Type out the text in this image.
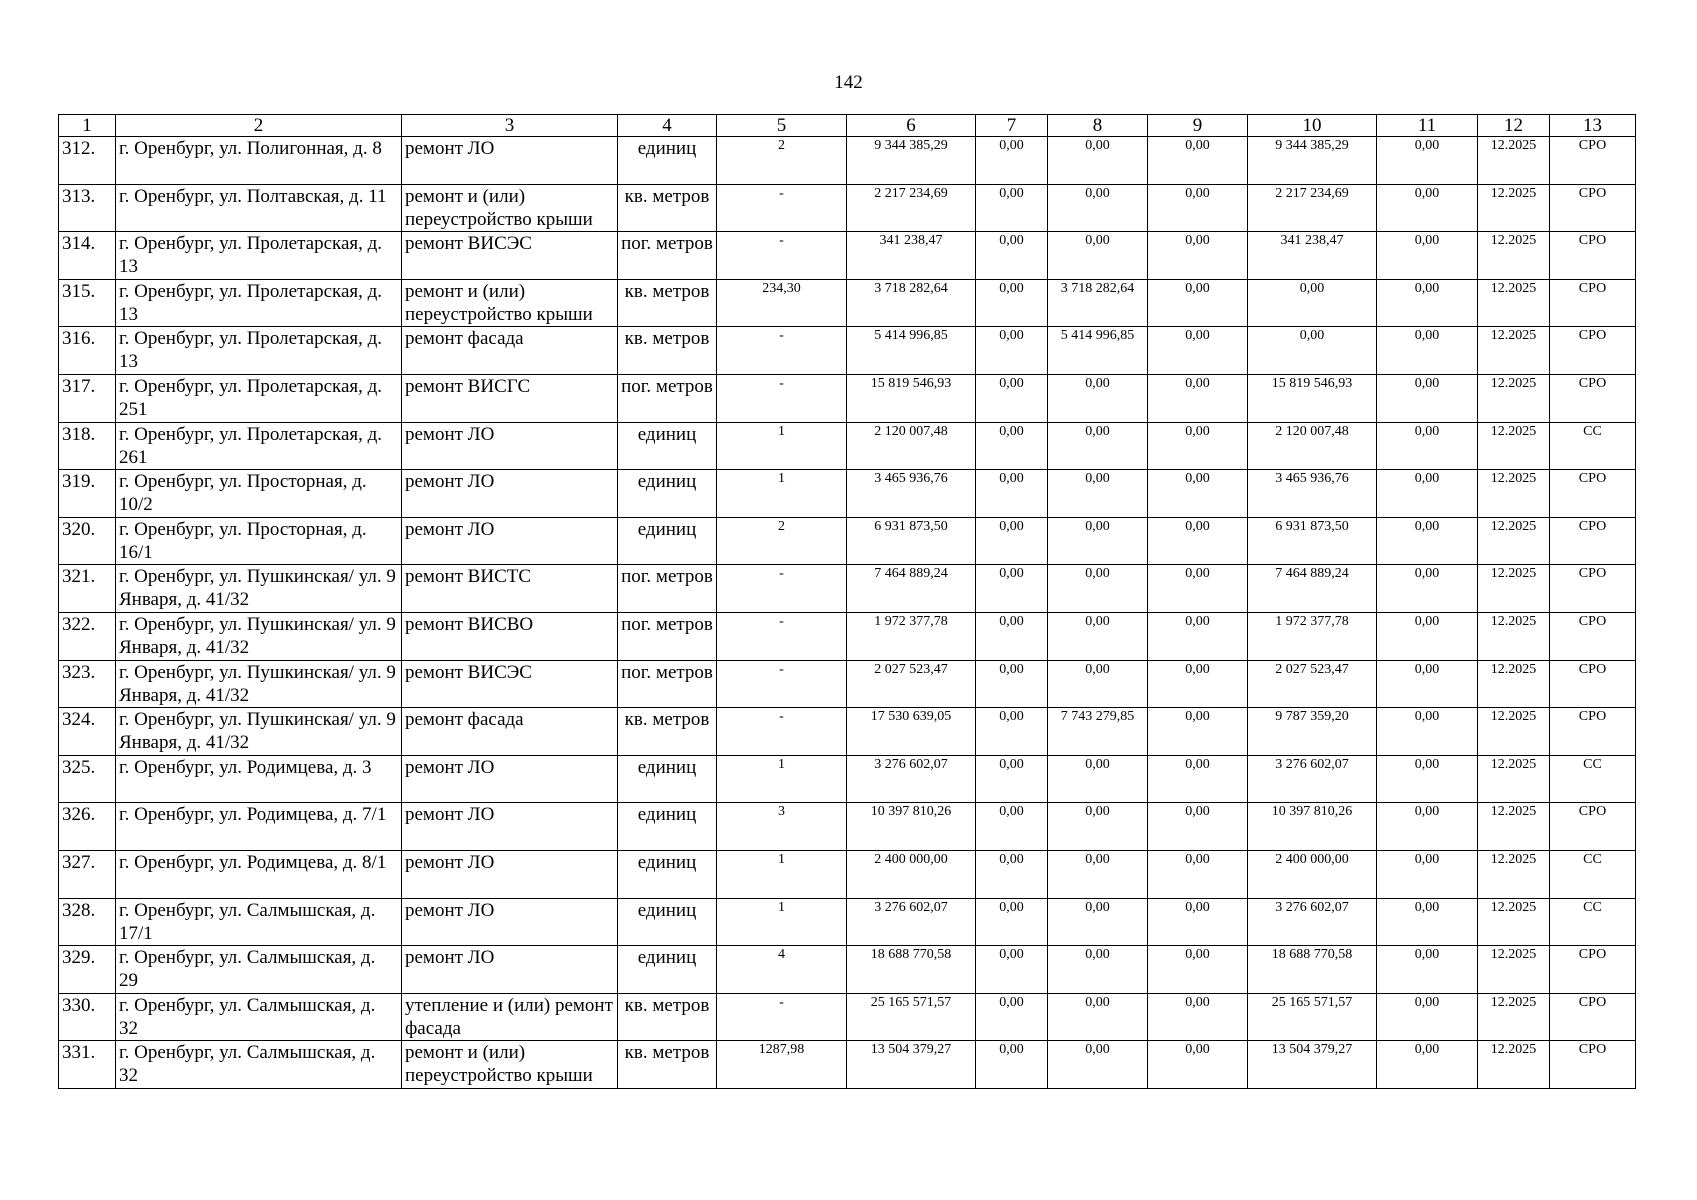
142
1	2	3	4	5	6	7	8	9	10	11	12	13
312.	г. Оренбург, ул. Полигонная, д. 8	ремонт ЛО	единиц	2	9 344 385,29	0,00	0,00	0,00	9 344 385,29	0,00	12.2025	СРО
313.	г. Оренбург, ул. Полтавская, д. 11	ремонт и (или) переустройство крыши	кв. метров	-	2 217 234,69	0,00	0,00	0,00	2 217 234,69	0,00	12.2025	СРО
314.	г. Оренбург, ул. Пролетарская, д. 13	ремонт ВИСЭС	пог. метров	-	341 238,47	0,00	0,00	0,00	341 238,47	0,00	12.2025	СРО
315.	г. Оренбург, ул. Пролетарская, д. 13	ремонт и (или) переустройство крыши	кв. метров	234,30	3 718 282,64	0,00	3 718 282,64	0,00	0,00	0,00	12.2025	СРО
316.	г. Оренбург, ул. Пролетарская, д. 13	ремонт фасада	кв. метров	-	5 414 996,85	0,00	5 414 996,85	0,00	0,00	0,00	12.2025	СРО
317.	г. Оренбург, ул. Пролетарская, д. 251	ремонт ВИСГС	пог. метров	-	15 819 546,93	0,00	0,00	0,00	15 819 546,93	0,00	12.2025	СРО
318.	г. Оренбург, ул. Пролетарская, д. 261	ремонт ЛО	единиц	1	2 120 007,48	0,00	0,00	0,00	2 120 007,48	0,00	12.2025	СС
319.	г. Оренбург, ул. Просторная, д. 10/2	ремонт ЛО	единиц	1	3 465 936,76	0,00	0,00	0,00	3 465 936,76	0,00	12.2025	СРО
320.	г. Оренбург, ул. Просторная, д. 16/1	ремонт ЛО	единиц	2	6 931 873,50	0,00	0,00	0,00	6 931 873,50	0,00	12.2025	СРО
321.	г. Оренбург, ул. Пушкинская/ ул. 9 Января, д. 41/32	ремонт ВИСТС	пог. метров	-	7 464 889,24	0,00	0,00	0,00	7 464 889,24	0,00	12.2025	СРО
322.	г. Оренбург, ул. Пушкинская/ ул. 9 Января, д. 41/32	ремонт ВИСВО	пог. метров	-	1 972 377,78	0,00	0,00	0,00	1 972 377,78	0,00	12.2025	СРО
323.	г. Оренбург, ул. Пушкинская/ ул. 9 Января, д. 41/32	ремонт ВИСЭС	пог. метров	-	2 027 523,47	0,00	0,00	0,00	2 027 523,47	0,00	12.2025	СРО
324.	г. Оренбург, ул. Пушкинская/ ул. 9 Января, д. 41/32	ремонт фасада	кв. метров	-	17 530 639,05	0,00	7 743 279,85	0,00	9 787 359,20	0,00	12.2025	СРО
325.	г. Оренбург, ул. Родимцева, д. 3	ремонт ЛО	единиц	1	3 276 602,07	0,00	0,00	0,00	3 276 602,07	0,00	12.2025	СС
326.	г. Оренбург, ул. Родимцева, д. 7/1	ремонт ЛО	единиц	3	10 397 810,26	0,00	0,00	0,00	10 397 810,26	0,00	12.2025	СРО
327.	г. Оренбург, ул. Родимцева, д. 8/1	ремонт ЛО	единиц	1	2 400 000,00	0,00	0,00	0,00	2 400 000,00	0,00	12.2025	СС
328.	г. Оренбург, ул. Салмышская, д. 17/1	ремонт ЛО	единиц	1	3 276 602,07	0,00	0,00	0,00	3 276 602,07	0,00	12.2025	СС
329.	г. Оренбург, ул. Салмышская, д. 29	ремонт ЛО	единиц	4	18 688 770,58	0,00	0,00	0,00	18 688 770,58	0,00	12.2025	СРО
330.	г. Оренбург, ул. Салмышская, д. 32	утепление и (или) ремонт фасада	кв. метров	-	25 165 571,57	0,00	0,00	0,00	25 165 571,57	0,00	12.2025	СРО
331.	г. Оренбург, ул. Салмышская, д. 32	ремонт и (или) переустройство крыши	кв. метров	1287,98	13 504 379,27	0,00	0,00	0,00	13 504 379,27	0,00	12.2025	СРО
